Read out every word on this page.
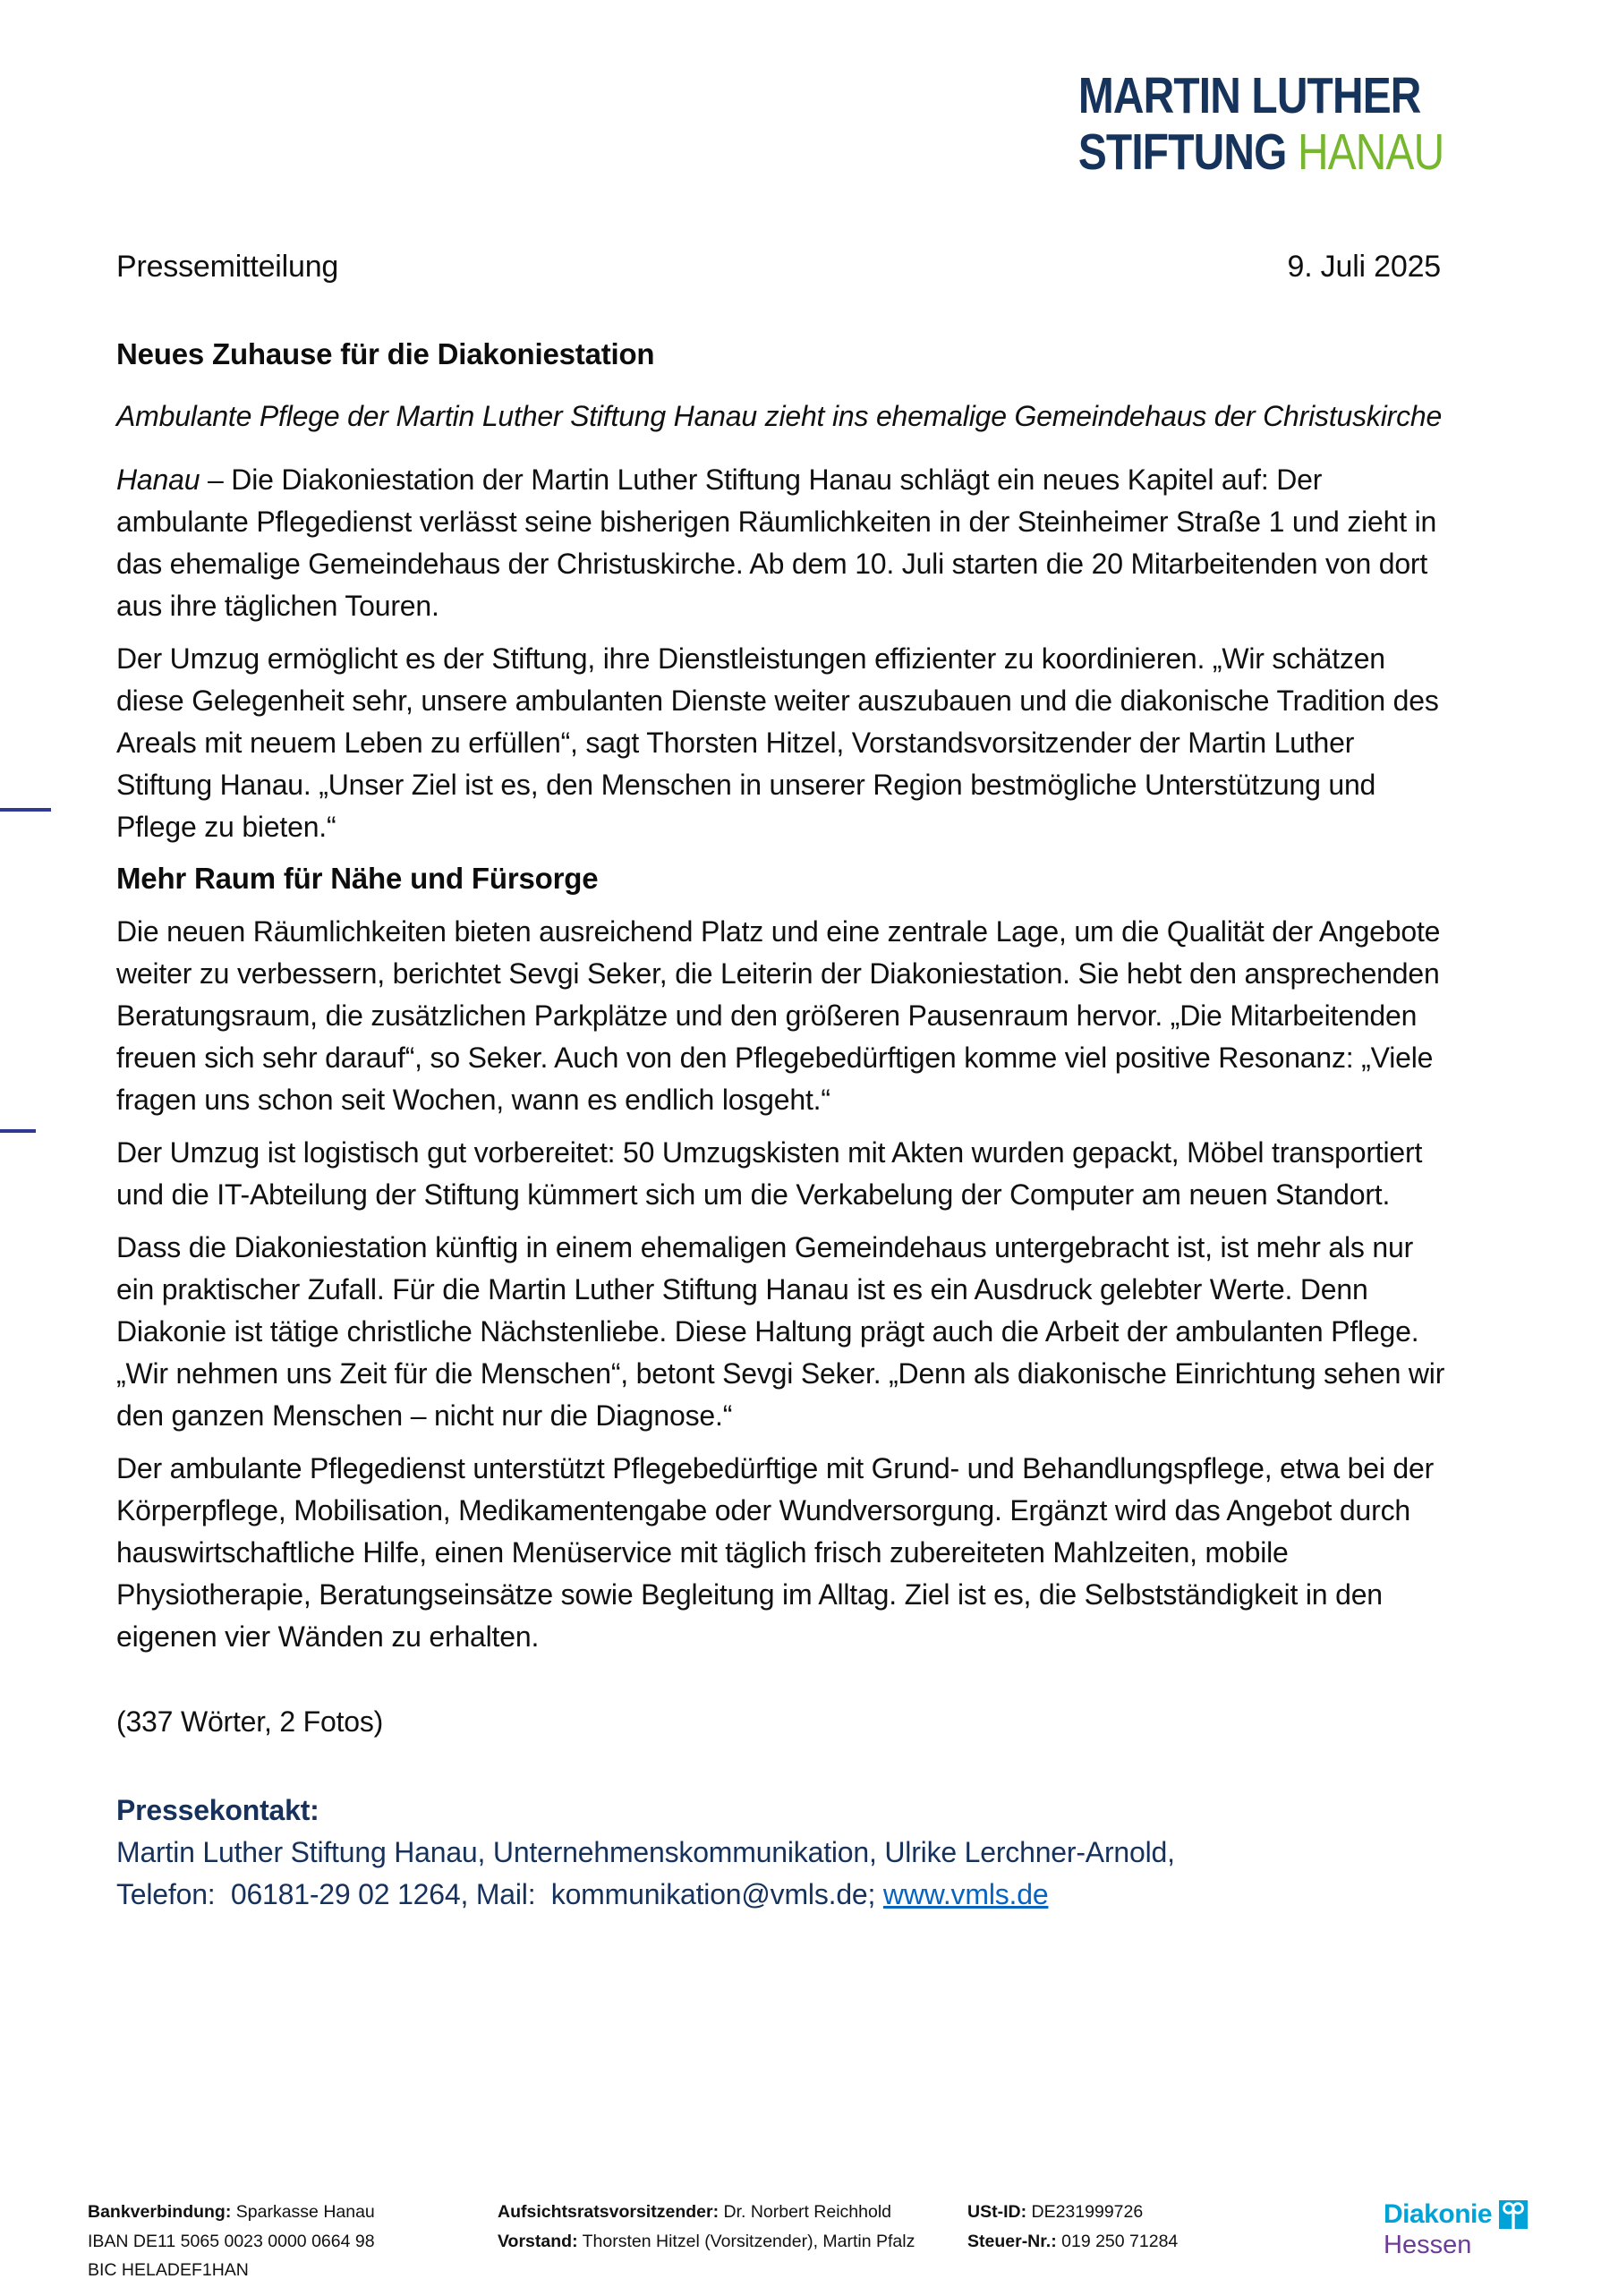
MARTIN LUTHER
STIFTUNG HANAU
Pressemitteilung	9. Juli 2025
Neues Zuhause für die Diakoniestation

Ambulante Pflege der Martin Luther Stiftung Hanau zieht ins ehemalige Gemeindehaus der Christuskirche

Hanau – Die Diakoniestation der Martin Luther Stiftung Hanau schlägt ein neues Kapitel auf: Der ambulante Pflegedienst verlässt seine bisherigen Räumlichkeiten in der Steinheimer Straße 1 und zieht in das ehemalige Gemeindehaus der Christuskirche. Ab dem 10. Juli starten die 20 Mitarbeitenden von dort aus ihre täglichen Touren.

Der Umzug ermöglicht es der Stiftung, ihre Dienstleistungen effizienter zu koordinieren. „Wir schätzen diese Gelegenheit sehr, unsere ambulanten Dienste weiter auszubauen und die diakonische Tradition des Areals mit neuem Leben zu erfüllen“, sagt Thorsten Hitzel, Vorstandsvorsitzender der Martin Luther Stiftung Hanau. „Unser Ziel ist es, den Menschen in unserer Region bestmögliche Unterstützung und Pflege zu bieten.“

Mehr Raum für Nähe und Fürsorge

Die neuen Räumlichkeiten bieten ausreichend Platz und eine zentrale Lage, um die Qualität der Angebote weiter zu verbessern, berichtet Sevgi Seker, die Leiterin der Diakoniestation. Sie hebt den ansprechenden Beratungsraum, die zusätzlichen Parkplätze und den größeren Pausenraum hervor. „Die Mitarbeitenden freuen sich sehr darauf“, so Seker. Auch von den Pflegebedürftigen komme viel positive Resonanz: „Viele fragen uns schon seit Wochen, wann es endlich losgeht.“

Der Umzug ist logistisch gut vorbereitet: 50 Umzugskisten mit Akten wurden gepackt, Möbel transportiert und die IT-Abteilung der Stiftung kümmert sich um die Verkabelung der Computer am neuen Standort.

Dass die Diakoniestation künftig in einem ehemaligen Gemeindehaus untergebracht ist, ist mehr als nur ein praktischer Zufall. Für die Martin Luther Stiftung Hanau ist es ein Ausdruck gelebter Werte. Denn Diakonie ist tätige christliche Nächstenliebe. Diese Haltung prägt auch die Arbeit der ambulanten Pflege. „Wir nehmen uns Zeit für die Menschen“, betont Sevgi Seker. „Denn als diakonische Einrichtung sehen wir den ganzen Menschen – nicht nur die Diagnose.“

Der ambulante Pflegedienst unterstützt Pflegebedürftige mit Grund- und Behandlungspflege, etwa bei der Körperpflege, Mobilisation, Medikamentengabe oder Wundversorgung. Ergänzt wird das Angebot durch hauswirtschaftliche Hilfe, einen Menüservice mit täglich frisch zubereiteten Mahlzeiten, mobile Physiotherapie, Beratungseinsätze sowie Begleitung im Alltag. Ziel ist es, die Selbstständigkeit in den eigenen vier Wänden zu erhalten.

(337 Wörter, 2 Fotos)

Pressekontakt:

Martin Luther Stiftung Hanau, Unternehmenskommunikation, Ulrike Lerchner-Arnold,

Telefon:  06181-29 02 1264, Mail:  kommunikation@vmls.de; www.vmls.de

Bankverbindung: Sparkasse Hanau
IBAN DE11 5065 0023 0000 0664 98
BIC HELADEF1HAN
Aufsichtsratsvorsitzender: Dr. Norbert Reichhold
Vorstand: Thorsten Hitzel (Vorsitzender), Martin Pfalz
USt-ID: DE231999726
Steuer-Nr.: 019 250 71284
Diakonie
Hessen
